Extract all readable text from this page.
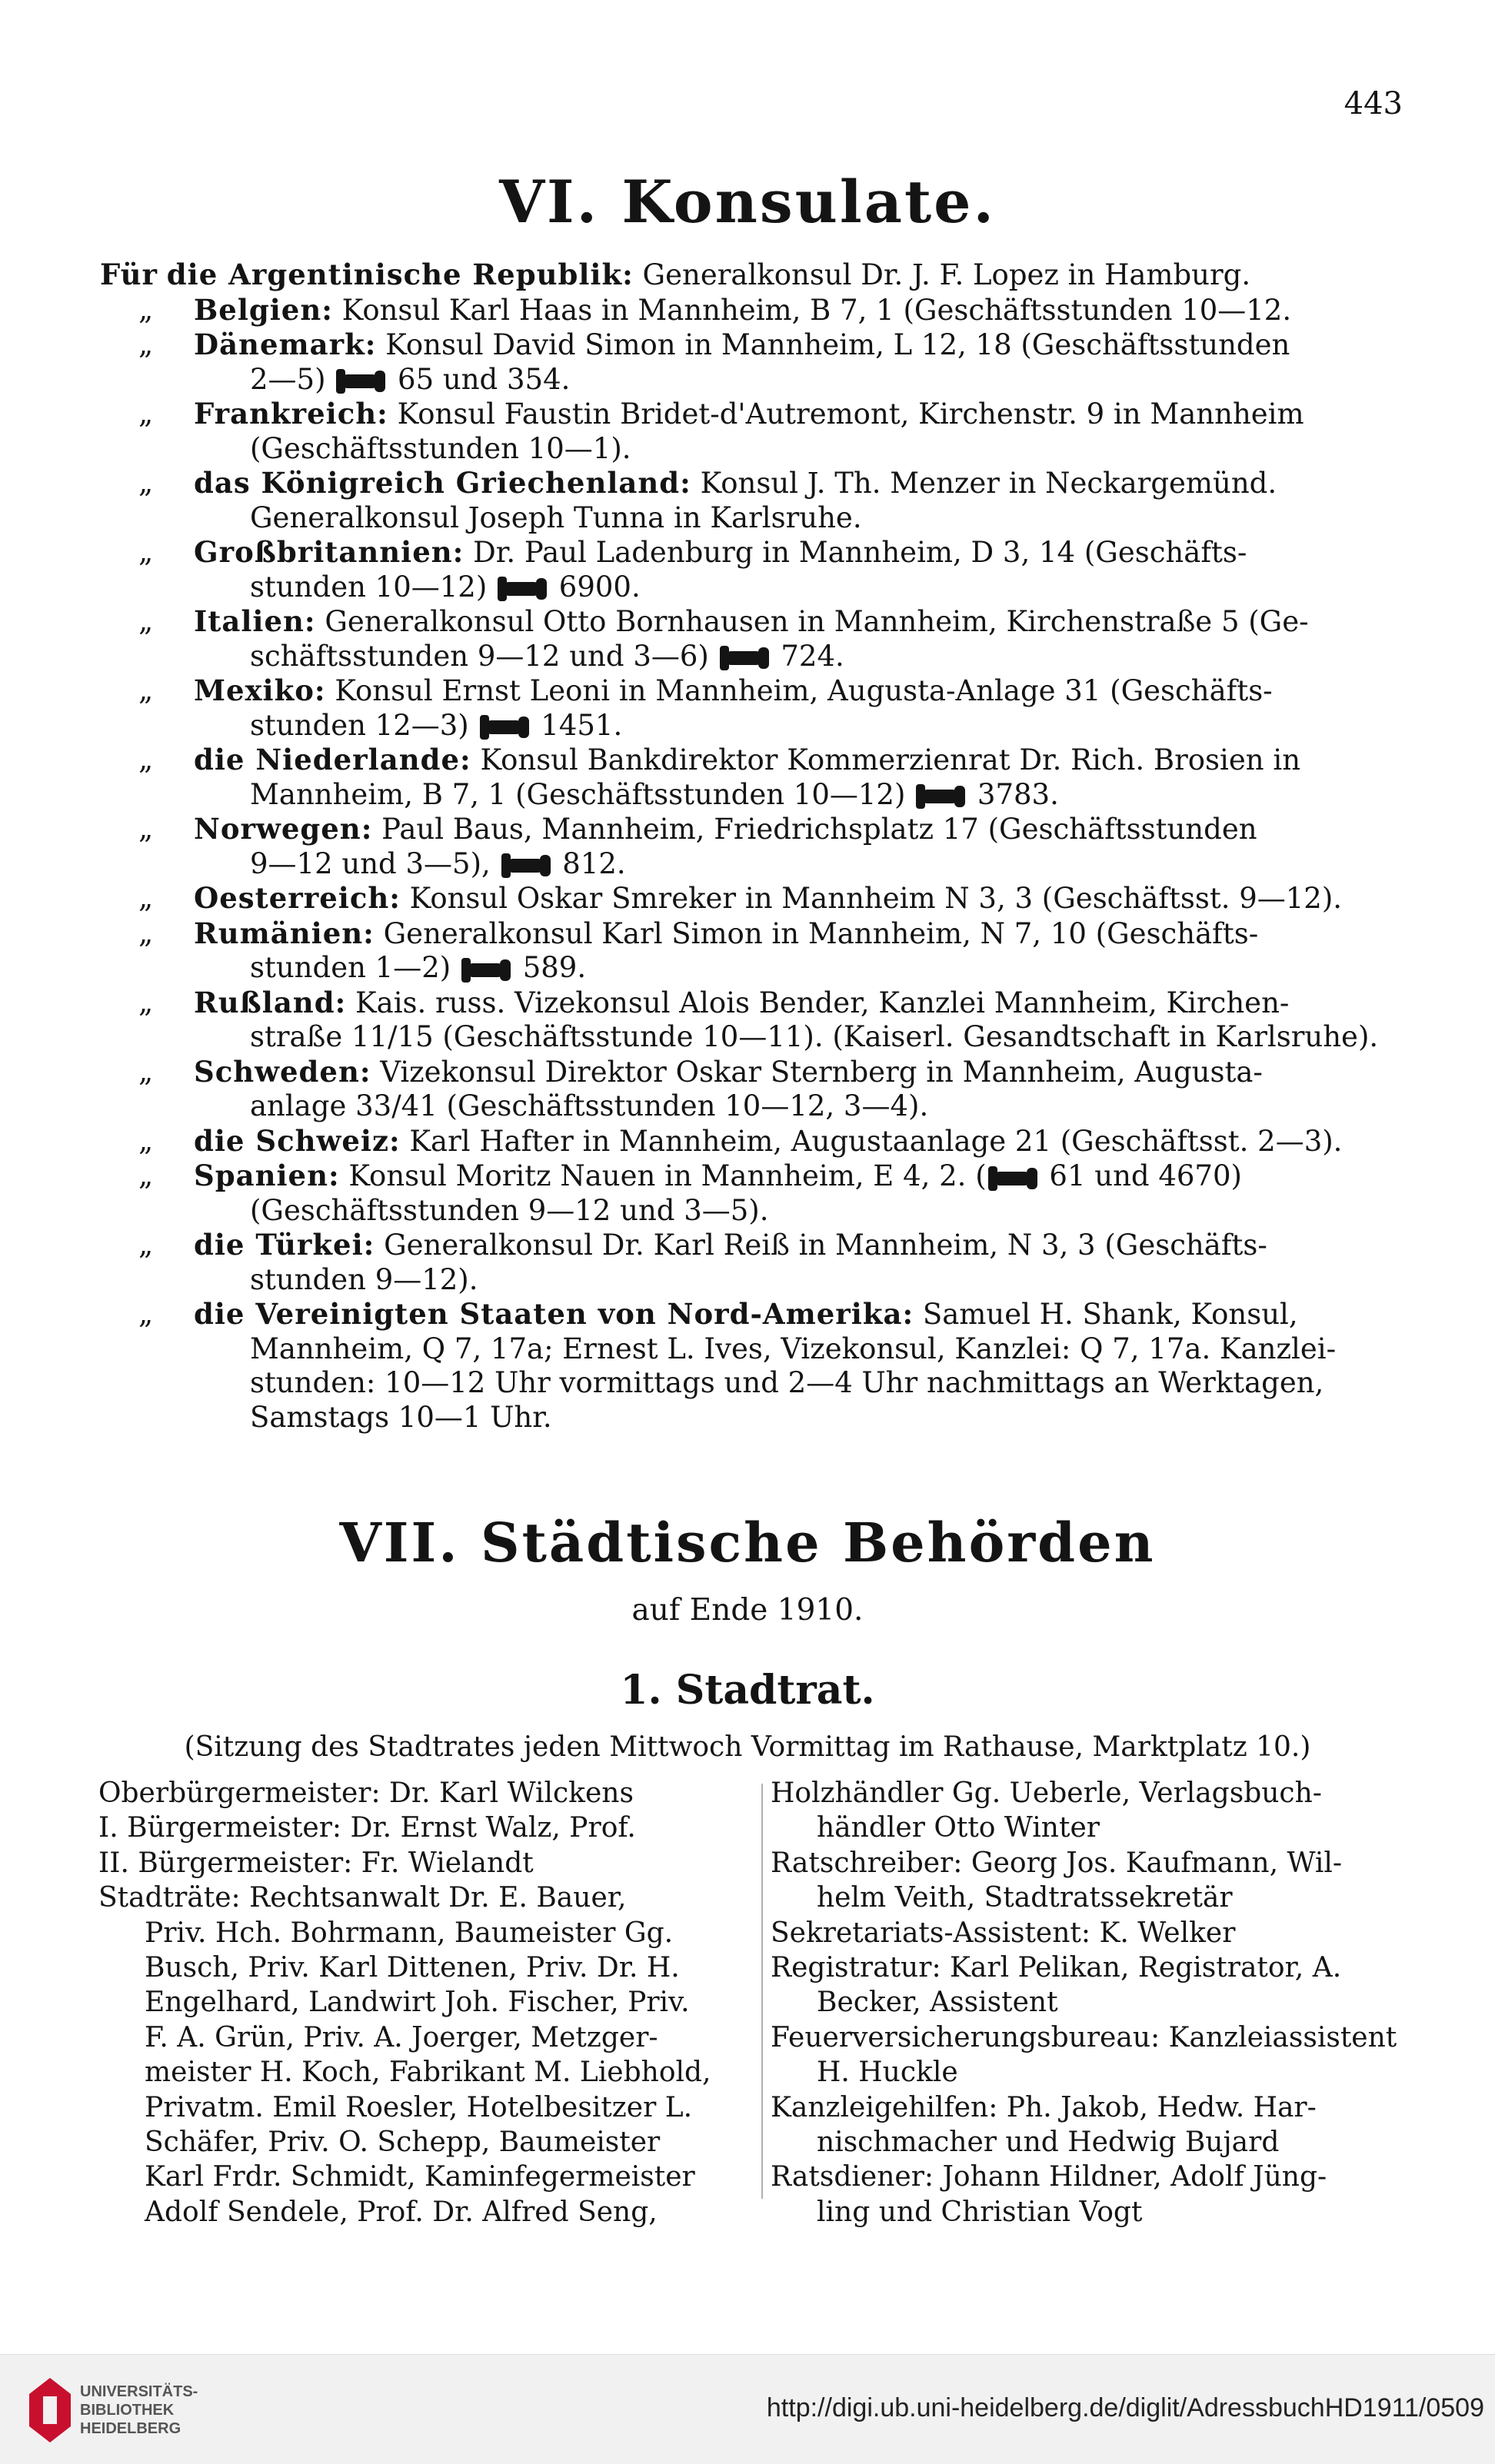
443
VI. Konsulate.
Für die Argentinische Republik: Generalkonsul Dr. J. F. Lopez in Hamburg.
„	Belgien: Konsul Karl Haas in Mannheim, B 7, 1 (Geschäftsstunden 10—12.
„	Dänemark: Konsul David Simon in Mannheim, L 12, 18 (Geschäftsstunden
2—5)  65 und 354.
„	Frankreich: Konsul Faustin Bridet-d'Autremont, Kirchenstr. 9 in Mannheim
(Geschäftsstunden 10—1).
„	das Königreich Griechenland: Konsul J. Th. Menzer in Neckargemünd.
Generalkonsul Joseph Tunna in Karlsruhe.
„	Großbritannien: Dr. Paul Ladenburg in Mannheim, D 3, 14 (Geschäfts-
stunden 10—12)  6900.
„	Italien: Generalkonsul Otto Bornhausen in Mannheim, Kirchenstraße 5 (Ge-
schäftsstunden 9—12 und 3—6)  724.
„	Mexiko: Konsul Ernst Leoni in Mannheim, Augusta-Anlage 31 (Geschäfts-
stunden 12—3)  1451.
„	die Niederlande: Konsul Bankdirektor Kommerzienrat Dr. Rich. Brosien in
Mannheim, B 7, 1 (Geschäftsstunden 10—12)  3783.
„	Norwegen: Paul Baus, Mannheim, Friedrichsplatz 17 (Geschäftsstunden
9—12 und 3—5),  812.
„	Oesterreich: Konsul Oskar Smreker in Mannheim N 3, 3 (Geschäftsst. 9—12).
„	Rumänien: Generalkonsul Karl Simon in Mannheim, N 7, 10 (Geschäfts-
stunden 1—2)  589.
„	Rußland: Kais. russ. Vizekonsul Alois Bender, Kanzlei Mannheim, Kirchen-
straße 11/15 (Geschäftsstunde 10—11). (Kaiserl. Gesandtschaft in Karlsruhe).
„	Schweden: Vizekonsul Direktor Oskar Sternberg in Mannheim, Augusta-
anlage 33/41 (Geschäftsstunden 10—12, 3—4).
„	die Schweiz: Karl Hafter in Mannheim, Augustaanlage 21 (Geschäftsst. 2—3).
„	Spanien: Konsul Moritz Nauen in Mannheim, E 4, 2. ( 61 und 4670)
(Geschäftsstunden 9—12 und 3—5).
„	die Türkei: Generalkonsul Dr. Karl Reiß in Mannheim, N 3, 3 (Geschäfts-
stunden 9—12).
„	die Vereinigten Staaten von Nord-Amerika: Samuel H. Shank, Konsul,
Mannheim, Q 7, 17a; Ernest L. Ives, Vizekonsul, Kanzlei: Q 7, 17a. Kanzlei-
stunden: 10—12 Uhr vormittags und 2—4 Uhr nachmittags an Werktagen,
Samstags 10—1 Uhr.
VII. Städtische Behörden
auf Ende 1910.
1. Stadtrat.
(Sitzung des Stadtrates jeden Mittwoch Vormittag im Rathause, Marktplatz 10.)

Oberbürgermeister: Dr. Karl Wilckens

I. Bürgermeister: Dr. Ernst Walz, Prof.

II. Bürgermeister: Fr. Wielandt

Stadträte: Rechtsanwalt Dr. E. Bauer,

Priv. Hch. Bohrmann, Baumeister Gg.

Busch, Priv. Karl Dittenen, Priv. Dr. H.

Engelhard, Landwirt Joh. Fischer, Priv.

F. A. Grün, Priv. A. Joerger, Metzger-

meister H. Koch, Fabrikant M. Liebhold,

Privatm. Emil Roesler, Hotelbesitzer L.

Schäfer, Priv. O. Schepp, Baumeister

Karl Frdr. Schmidt, Kaminfegermeister

Adolf Sendele, Prof. Dr. Alfred Seng,

Holzhändler Gg. Ueberle, Verlagsbuch-

händler Otto Winter

Ratschreiber: Georg Jos. Kaufmann, Wil-

helm Veith, Stadtratssekretär

Sekretariats-Assistent: K. Welker

Registratur: Karl Pelikan, Registrator, A.

Becker, Assistent

Feuerversicherungsbureau: Kanzleiassistent

H. Huckle

Kanzleigehilfen: Ph. Jakob, Hedw. Har-

nischmacher und Hedwig Bujard

Ratsdiener: Johann Hildner, Adolf Jüng-

ling und Christian Vogt

UNIVERSITÄTS-
BIBLIOTHEK
HEIDELBERG
http://digi.ub.uni-heidelberg.de/diglit/AdressbuchHD1911/0509
